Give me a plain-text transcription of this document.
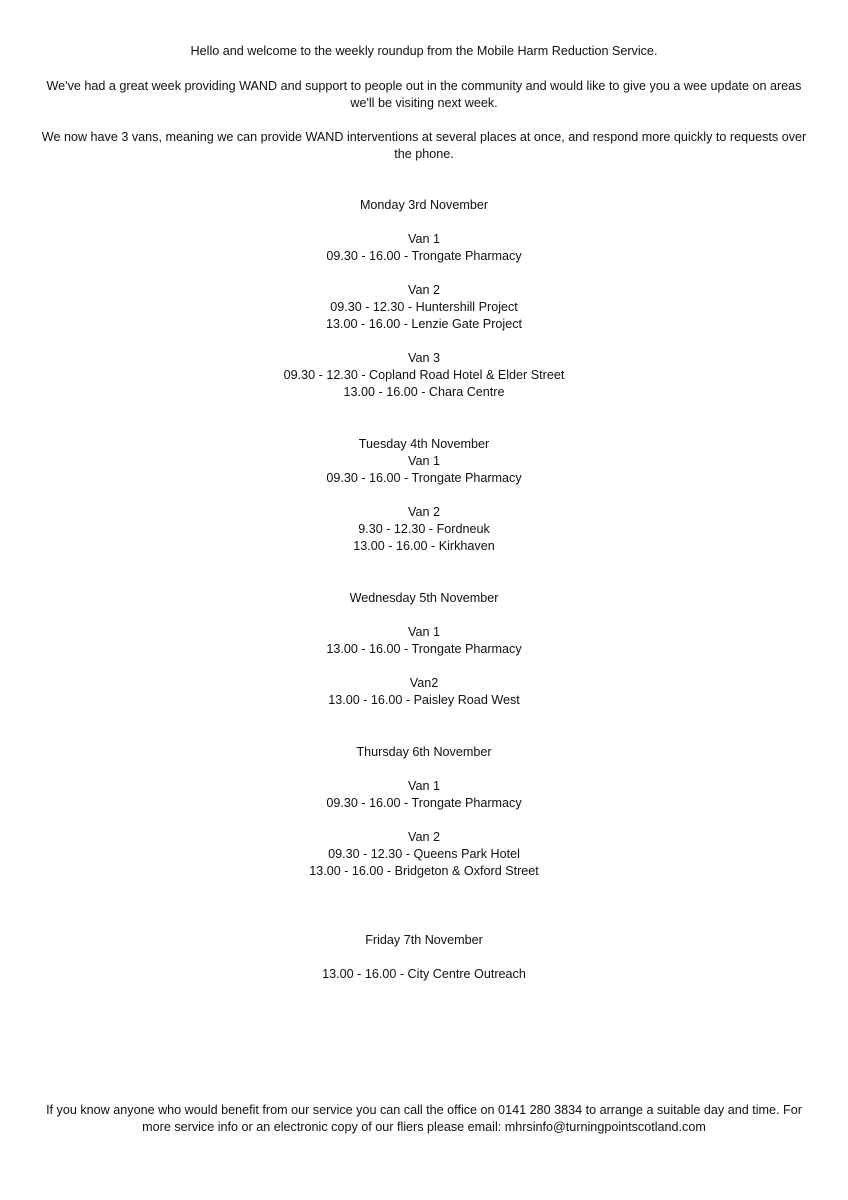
Hello and welcome to the weekly roundup from the Mobile Harm Reduction Service.
We've had a great week providing WAND and support to people out in the community and would like to give you a wee update on areas we'll be visiting next week.
We now have 3 vans, meaning we can provide WAND interventions at several places at once, and respond more quickly to requests over the phone.
Monday 3rd November
Van 1
09.30 - 16.00 - Trongate Pharmacy
Van 2
09.30 - 12.30 - Huntershill Project
13.00 - 16.00 - Lenzie Gate Project
Van 3
09.30 - 12.30 - Copland Road Hotel & Elder Street
13.00 - 16.00 - Chara Centre
Tuesday 4th November
Van 1
09.30 - 16.00 - Trongate Pharmacy
Van 2
9.30 - 12.30 - Fordneuk
13.00 - 16.00 - Kirkhaven
Wednesday 5th November
Van 1
13.00 - 16.00 - Trongate Pharmacy
Van2
13.00 - 16.00 - Paisley Road West
Thursday 6th November
Van 1
09.30 - 16.00 - Trongate Pharmacy
Van 2
09.30 - 12.30 - Queens Park Hotel
13.00 - 16.00 - Bridgeton & Oxford Street
Friday 7th November
13.00 - 16.00 - City Centre Outreach
If you know anyone who would benefit from our service you can call the office on 0141 280 3834 to arrange a suitable day and time. For more service info or an electronic copy of our fliers please email: mhrsinfo@turningpointscotland.com
